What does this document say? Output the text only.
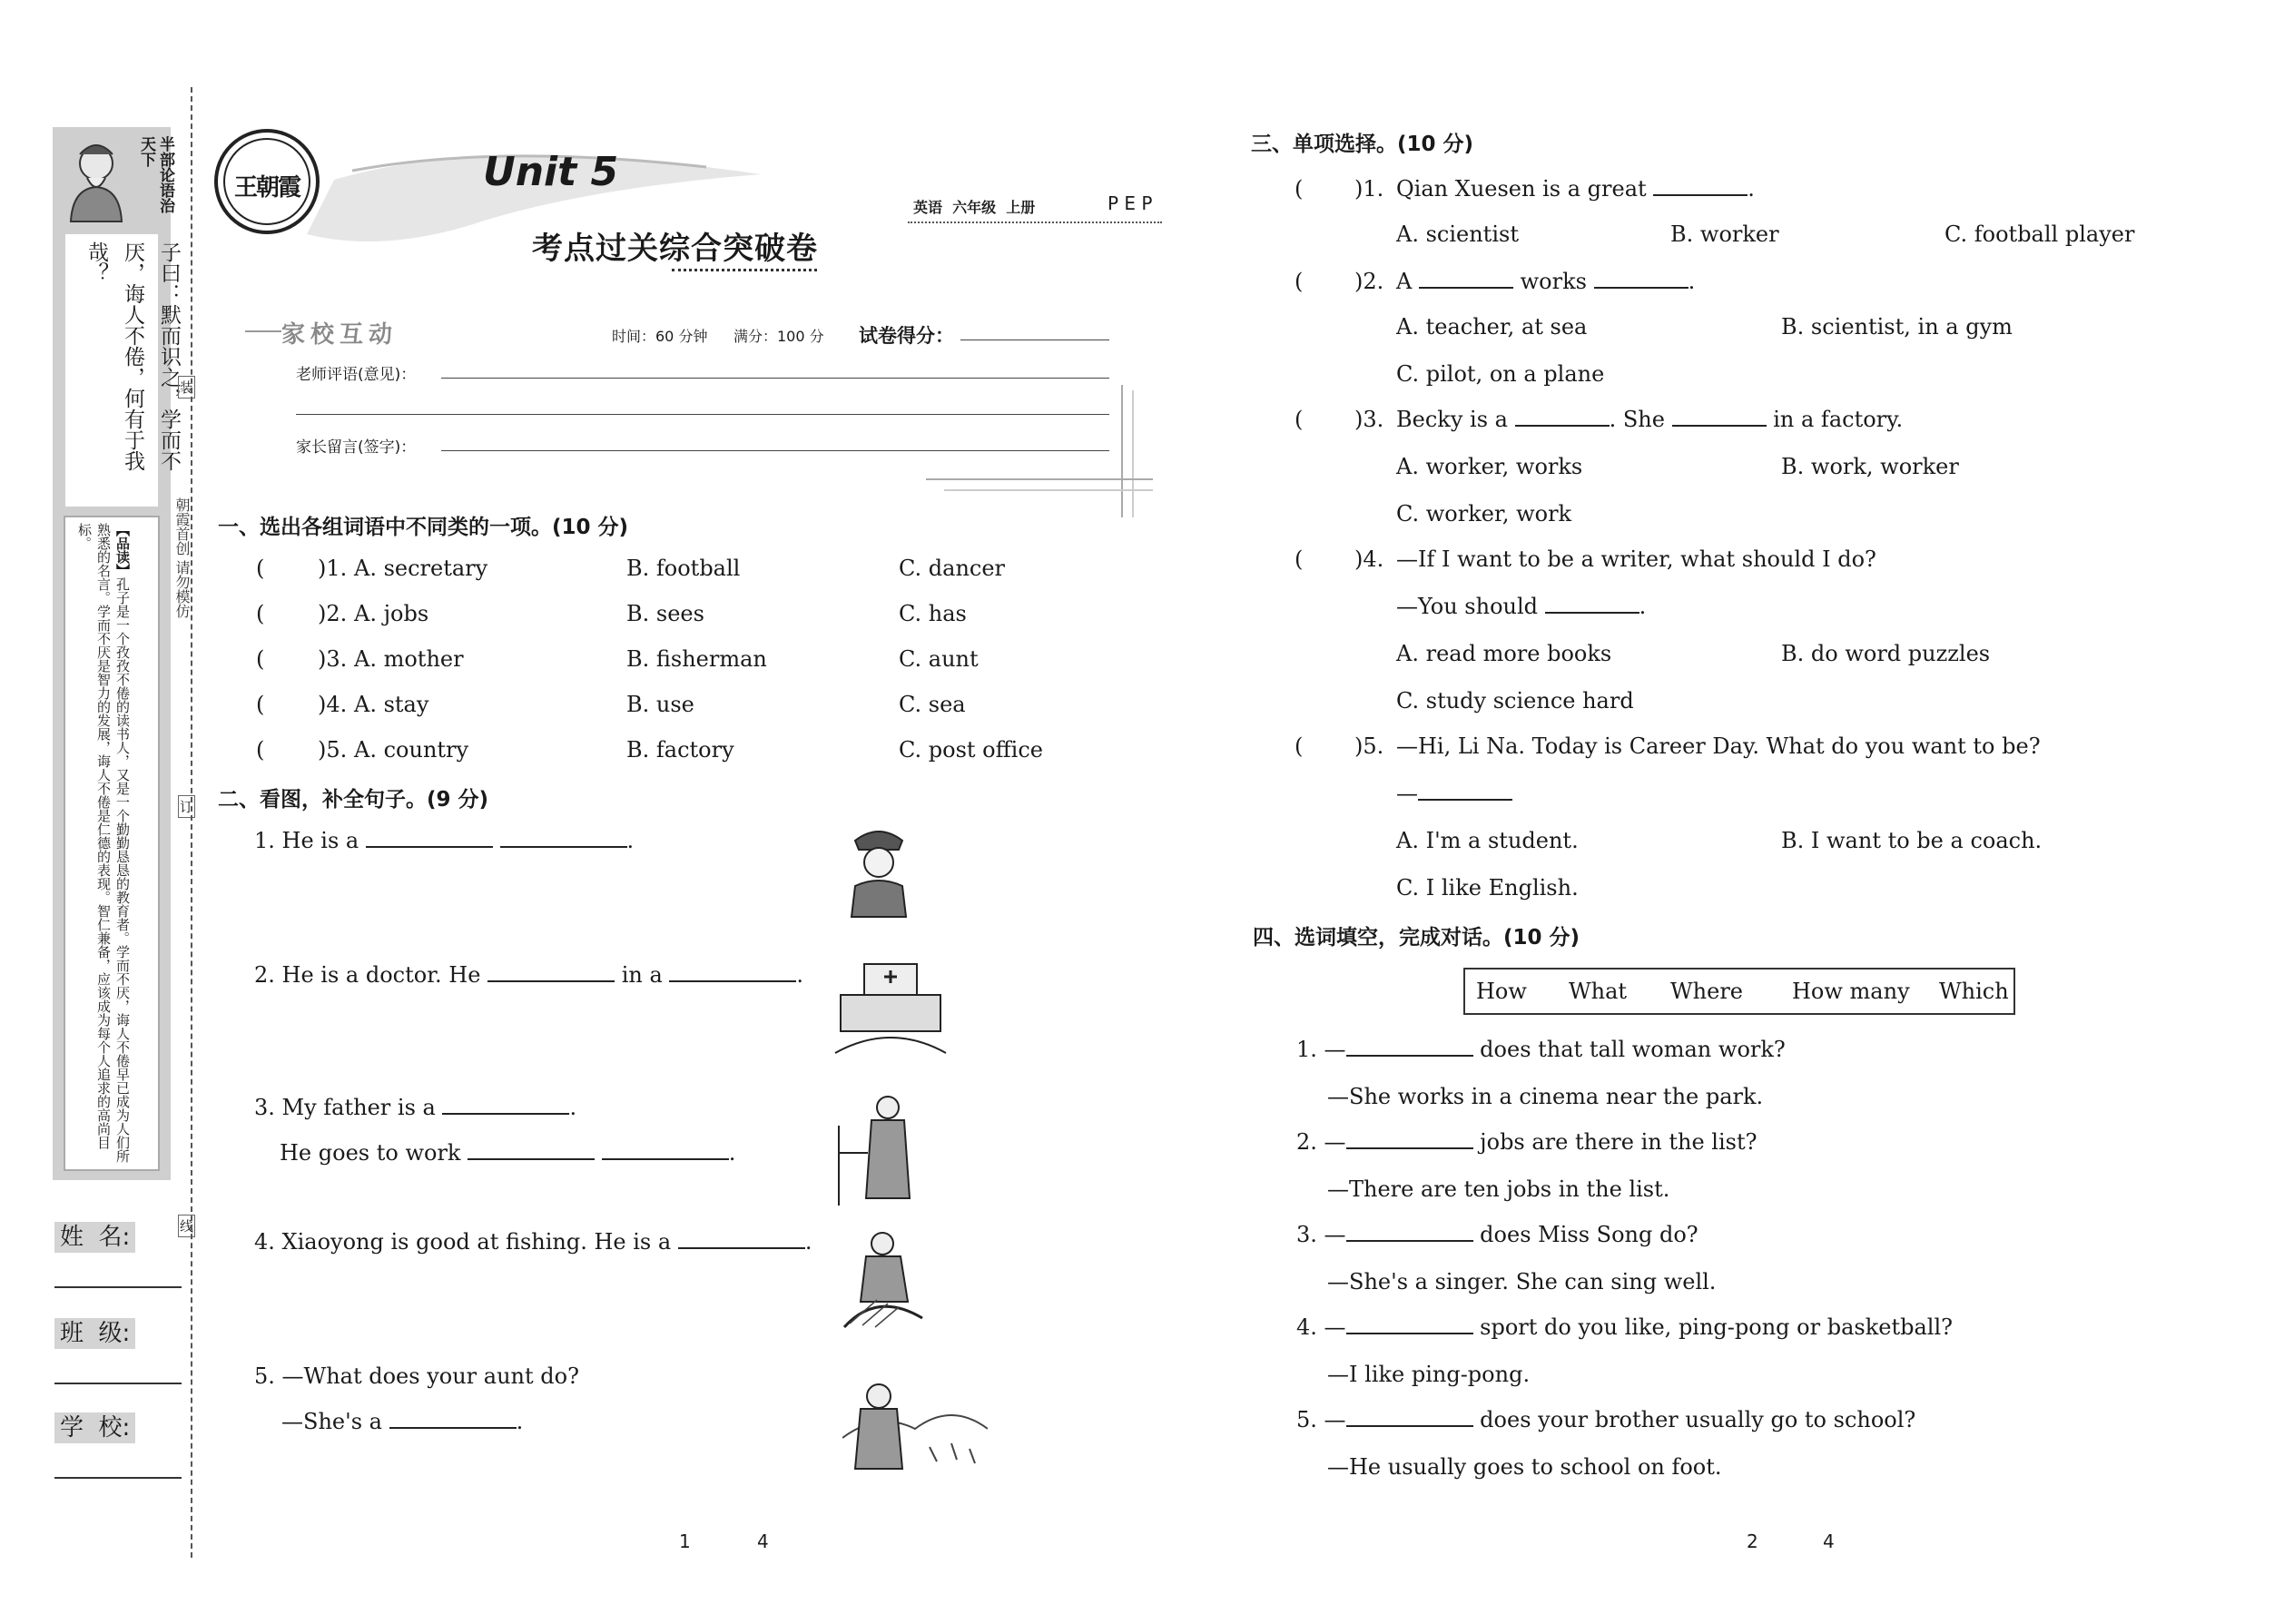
半部论语治天下
子曰：默而识之，学而不厌，诲人不倦，何有于我哉？
【品读】孔子是一个孜孜不倦的读书人，又是一个勤勤恳恳的教育者。学而不厌，诲人不倦早已成为人们所熟悉的名言。学而不厌是智力的发展，诲人不倦是仁德的表现。智仁兼备，应该成为每个人追求的高尚目标。
姓  名:
班  级:
学  校:
朝霞首创 请勿模仿
装
订
线
王朝霞	Unit 5
考点过关综合突破卷
英语  六年级  上册	P E P
家校互动	时间：60 分钟 满分：100 分 试卷得分：
老师评语(意见)：
家长留言(签字)：
一、选出各组词语中不同类的一项。(10 分)
( )1. A. secretary	B. football	C. dancer
( )2. A. jobs	B. sees	C. has
( )3. A. mother	B. fisherman	C. aunt
( )4. A. stay	B. use	C. sea
( )5. A. country	B. factory	C. post office
二、看图，补全句子。(9 分)
1. He is a	.
2. He is a doctor. He	in a	.
3. My father is a	.
He goes to work	.
4. Xiaoyong is good at fishing. He is a	.
5. —What does your aunt do?
—She's a	.
三、单项选择。(10 分)
( )1. Qian Xuesen is a great	.
A. scientist	B. worker	C. football player
( )2. A	works	.
A. teacher, at sea	B. scientist, in a gym
C. pilot, on a plane
( )3. Becky is a	. She	in a factory.
A. worker, works	B. work, worker
C. worker, work
( )4. —If I want to be a writer, what should I do?
—You should	.
A. read more books	B. do word puzzles
C. study science hard
( )5. —Hi, Li Na. Today is Career Day. What do you want to be?
—
A. I'm a student.	B. I want to be a coach.
C. I like English.
四、选词填空，完成对话。(10 分)
How What Where How many Which
1. —	does that tall woman work?
—She works in a cinema near the park.
2. —	jobs are there in the list?
—There are ten jobs in the list.
3. —	does Miss Song do?
—She's a singer. She can sing well.
4. —	sport do you like, ping-pong or basketball?
—I like ping-pong.
5. —	does your brother usually go to school?
—He usually goes to school on foot.
1	4	2	4
